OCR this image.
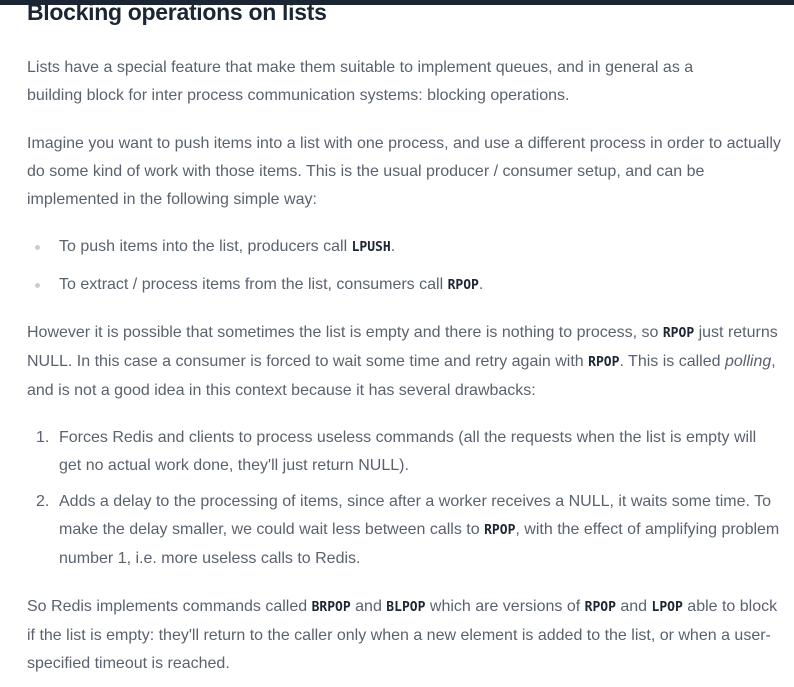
Blocking operations on lists

Lists have a special feature that make them suitable to implement queues, and in general as a building block for inter process communication systems: blocking operations.

Imagine you want to push items into a list with one process, and use a different process in order to actually do some kind of work with those items. This is the usual producer / consumer setup, and can be implemented in the following simple way:

To push items into the list, producers call LPUSH.
To extract / process items from the list, consumers call RPOP.

However it is possible that sometimes the list is empty and there is nothing to process, so RPOP just returns NULL. In this case a consumer is forced to wait some time and retry again with RPOP. This is called polling, and is not a good idea in this context because it has several drawbacks:

1. Forces Redis and clients to process useless commands (all the requests when the list is empty will get no actual work done, they'll just return NULL).
2. Adds a delay to the processing of items, since after a worker receives a NULL, it waits some time. To make the delay smaller, we could wait less between calls to RPOP, with the effect of amplifying problem number 1, i.e. more useless calls to Redis.

So Redis implements commands called BRPOP and BLPOP which are versions of RPOP and LPOP able to block if the list is empty: they'll return to the caller only when a new element is added to the list, or when a user-specified timeout is reached.
